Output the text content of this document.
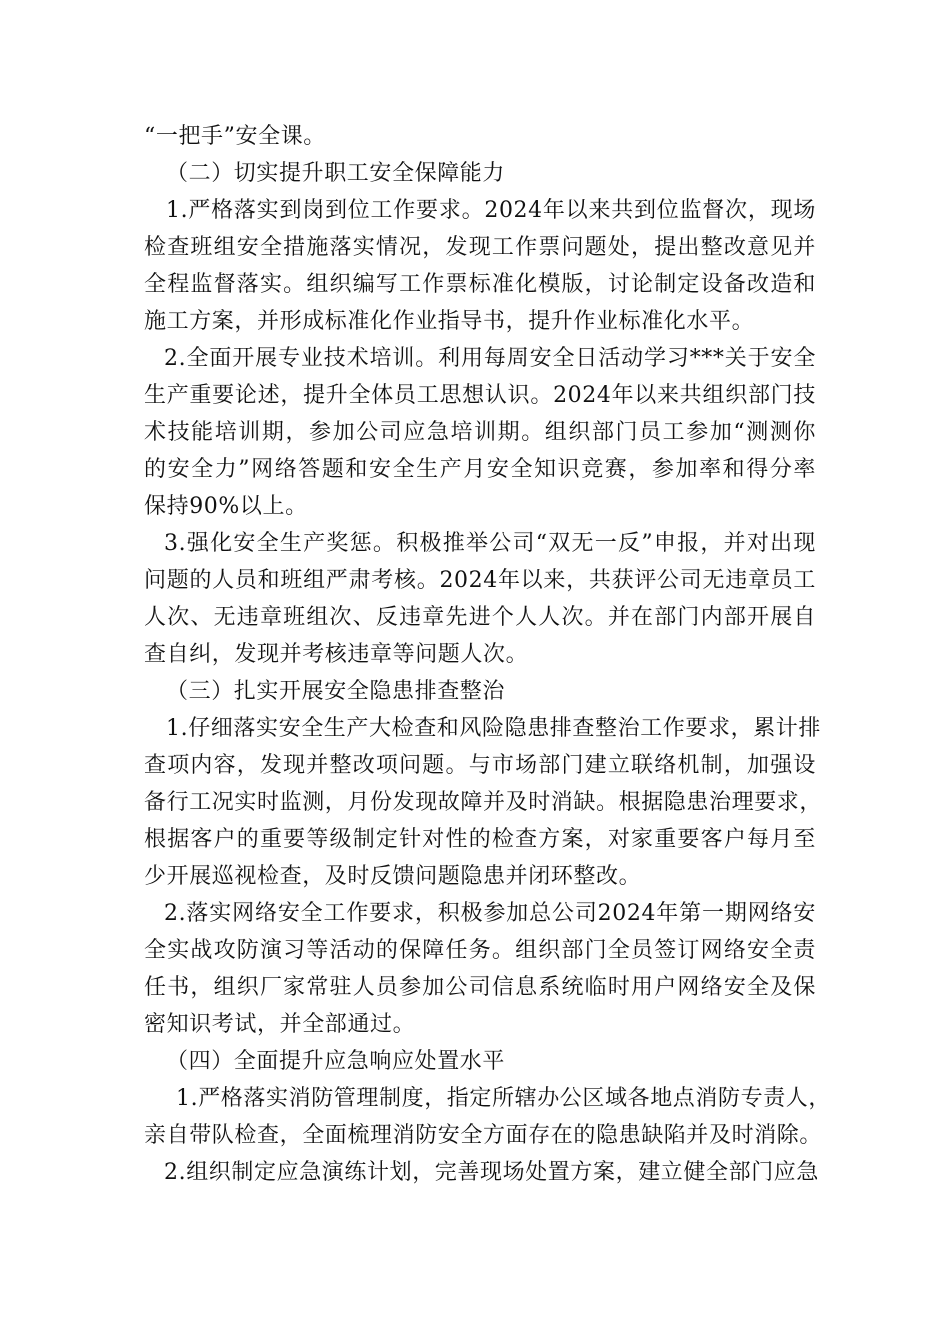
“一把手”安全课。
（二）切实提升职工安全保障能力
1.严格落实到岗到位工作要求。2024年以来共到位监督次，现场
检查班组安全措施落实情况，发现工作票问题处，提出整改意见并
全程监督落实。组织编写工作票标准化模版，讨论制定设备改造和
施工方案，并形成标准化作业指导书，提升作业标准化水平。
2.全面开展专业技术培训。利用每周安全日活动学习***关于安全
生产重要论述，提升全体员工思想认识。2024年以来共组织部门技
术技能培训期，参加公司应急培训期。组织部门员工参加“测测你
的安全力”网络答题和安全生产月安全知识竞赛，参加率和得分率
保持90%以上。
3.强化安全生产奖惩。积极推举公司“双无一反”申报，并对出现
问题的人员和班组严肃考核。2024年以来，共获评公司无违章员工
人次、无违章班组次、反违章先进个人人次。并在部门内部开展自
查自纠，发现并考核违章等问题人次。
（三）扎实开展安全隐患排查整治
1.仔细落实安全生产大检查和风险隐患排查整治工作要求，累计排
查项内容，发现并整改项问题。与市场部门建立联络机制，加强设
备行工况实时监测，月份发现故障并及时消缺。根据隐患治理要求，
根据客户的重要等级制定针对性的检查方案，对家重要客户每月至
少开展巡视检查，及时反馈问题隐患并闭环整改。
2.落实网络安全工作要求，积极参加总公司2024年第一期网络安
全实战攻防演习等活动的保障任务。组织部门全员签订网络安全责
任书，组织厂家常驻人员参加公司信息系统临时用户网络安全及保
密知识考试，并全部通过。
（四）全面提升应急响应处置水平
1.严格落实消防管理制度，指定所辖办公区域各地点消防专责人，
亲自带队检查，全面梳理消防安全方面存在的隐患缺陷并及时消除。
2.组织制定应急演练计划，完善现场处置方案，建立健全部门应急
